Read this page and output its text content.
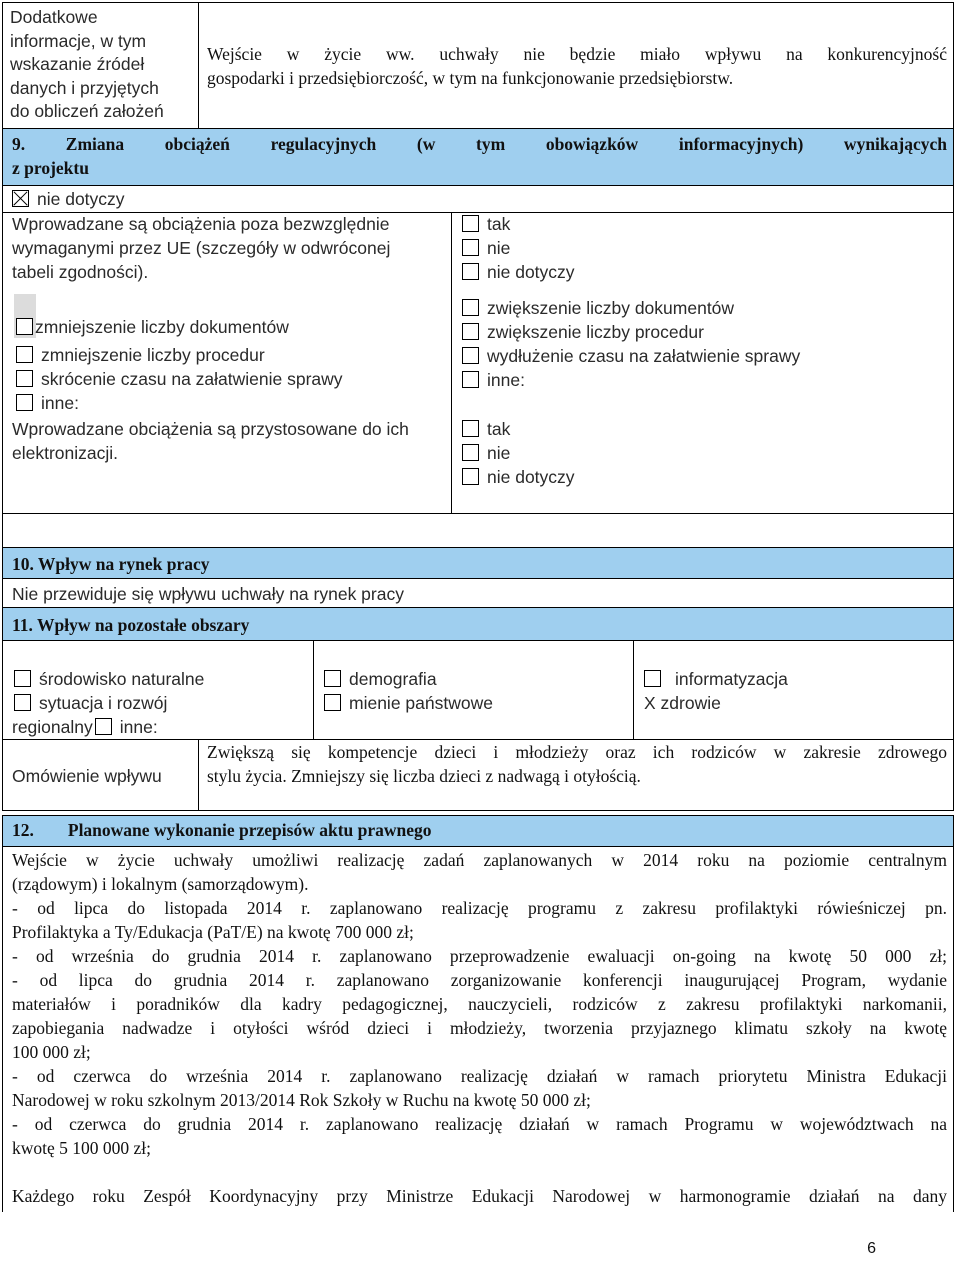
Dodatkowe
informacje, w tym
wskazanie źródeł
danych i przyjętych
do obliczeń założeń
Wejście w życie ww. uchwały nie będzie miało wpływu na konkurencyjność
gospodarki i przedsiębiorczość, w tym na funkcjonowanie przedsiębiorstw.
9. Zmiana obciążeń regulacyjnych (w tym obowiązków informacyjnych) wynikających
z projektu
nie dotyczy
Wprowadzane są obciążenia poza bezwzględnie
wymaganymi przez UE (szczegóły w odwróconej
tabeli zgodności).
tak
nie
nie dotyczy
zmniejszenie liczby dokumentów
zmniejszenie liczby procedur
skrócenie czasu na załatwienie sprawy
inne:
zwiększenie liczby dokumentów
zwiększenie liczby procedur
wydłużenie czasu na załatwienie sprawy
inne:
Wprowadzane obciążenia są przystosowane do ich
elektronizacji.
tak
nie
nie dotyczy
10. Wpływ na rynek pracy
Nie przewiduje się wpływu uchwały na rynek pracy
11. Wpływ na pozostałe obszary
środowisko naturalne
sytuacja i rozwój
regionalny inne:
demografia
mienie państwowe
informatyzacja
X zdrowie
Omówienie wpływu
Zwiększą się kompetencje dzieci i młodzieży oraz ich rodziców w zakresie zdrowego
stylu życia. Zmniejszy się liczba dzieci z nadwagą i otyłością.
12. Planowane wykonanie przepisów aktu prawnego
Wejście w życie uchwały umożliwi realizację zadań zaplanowanych w 2014 roku na poziomie centralnym
(rządowym) i lokalnym (samorządowym).
- od lipca do listopada 2014 r. zaplanowano realizację programu z zakresu profilaktyki rówieśniczej pn.
Profilaktyka a Ty/Edukacja (PaT/E) na kwotę 700 000 zł;
- od września do grudnia 2014 r. zaplanowano przeprowadzenie ewaluacji on-going na kwotę 50 000 zł;
- od lipca do grudnia 2014 r. zaplanowano zorganizowanie konferencji inaugurującej Program, wydanie
materiałów i poradników dla kadry pedagogicznej, nauczycieli, rodziców z zakresu profilaktyki narkomanii,
zapobiegania nadwadze i otyłości wśród dzieci i młodzieży, tworzenia przyjaznego klimatu szkoły na kwotę
100 000 zł;
- od czerwca do września 2014 r. zaplanowano realizację działań w ramach priorytetu Ministra Edukacji
Narodowej w roku szkolnym 2013/2014 Rok Szkoły w Ruchu na kwotę 50 000 zł;
- od czerwca do grudnia 2014 r. zaplanowano realizację działań w ramach Programu w województwach na
kwotę 5 100 000 zł;
Każdego roku Zespół Koordynacyjny przy Ministrze Edukacji Narodowej w harmonogramie działań na dany
6
